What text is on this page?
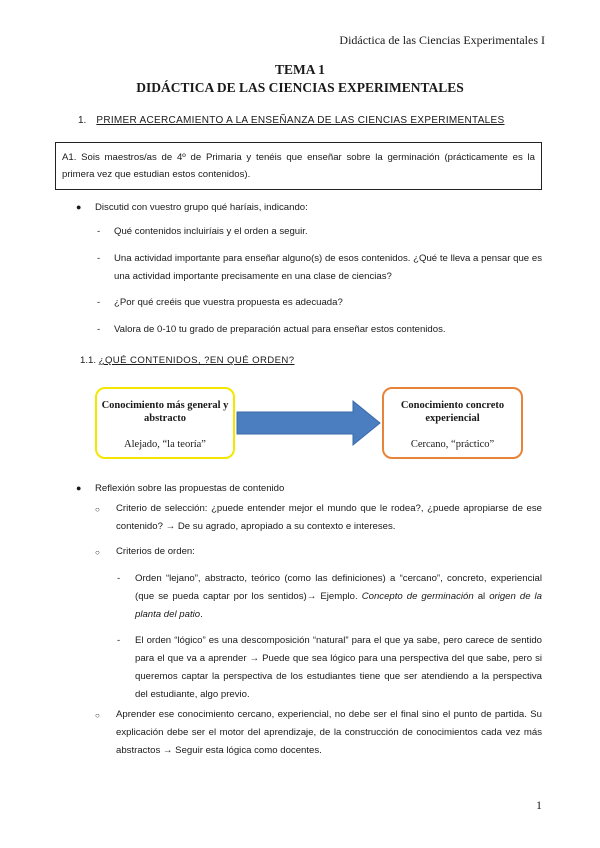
Didáctica de las Ciencias Experimentales I
TEMA 1
DIDÁCTICA DE LAS CIENCIAS EXPERIMENTALES
1. PRIMER ACERCAMIENTO A LA ENSEÑANZA DE LAS CIENCIAS EXPERIMENTALES
A1. Sois maestros/as de 4º de Primaria y tenéis que enseñar sobre la germinación (prácticamente es la primera vez que estudian estos contenidos).
● Discutid con vuestro grupo qué haríais, indicando:
- Qué contenidos incluiríais y el orden a seguir.
- Una actividad importante para enseñar alguno(s) de esos contenidos. ¿Qué te lleva a pensar que es una actividad importante precisamente en una clase de ciencias?
- ¿Por qué creéis que vuestra propuesta es adecuada?
- Valora de 0-10 tu grado de preparación actual para enseñar estos contenidos.
1.1. ¿QUÉ CONTENIDOS, ?EN QUÉ ORDEN?
Conocimiento más general y abstracto
Alejado, “la teoría”
Conocimiento concreto experiencial
Cercano, “práctico”
● Reflexión sobre las propuestas de contenido
○ Criterio de selección: ¿puede entender mejor el mundo que le rodea?, ¿puede apropiarse de ese contenido? → De su agrado, apropiado a su contexto e intereses.
○ Criterios de orden:
- Orden “lejano”, abstracto, teórico (como las definiciones) a “cercano”, concreto, experiencial (que se pueda captar por los sentidos)→ Ejemplo. Concepto de germinación al origen de la planta del patio.
- El orden “lógico” es una descomposición “natural” para el que ya sabe, pero carece de sentido para el que va a aprender → Puede que sea lógico para una perspectiva del que sabe, pero si queremos captar la perspectiva de los estudiantes tiene que ser atendiendo a la perspectiva del estudiante, algo previo.
○ Aprender ese conocimiento cercano, experiencial, no debe ser el final sino el punto de partida. Su explicación debe ser el motor del aprendizaje, de la construcción de conocimientos cada vez más abstractos → Seguir esta lógica como docentes.
1
